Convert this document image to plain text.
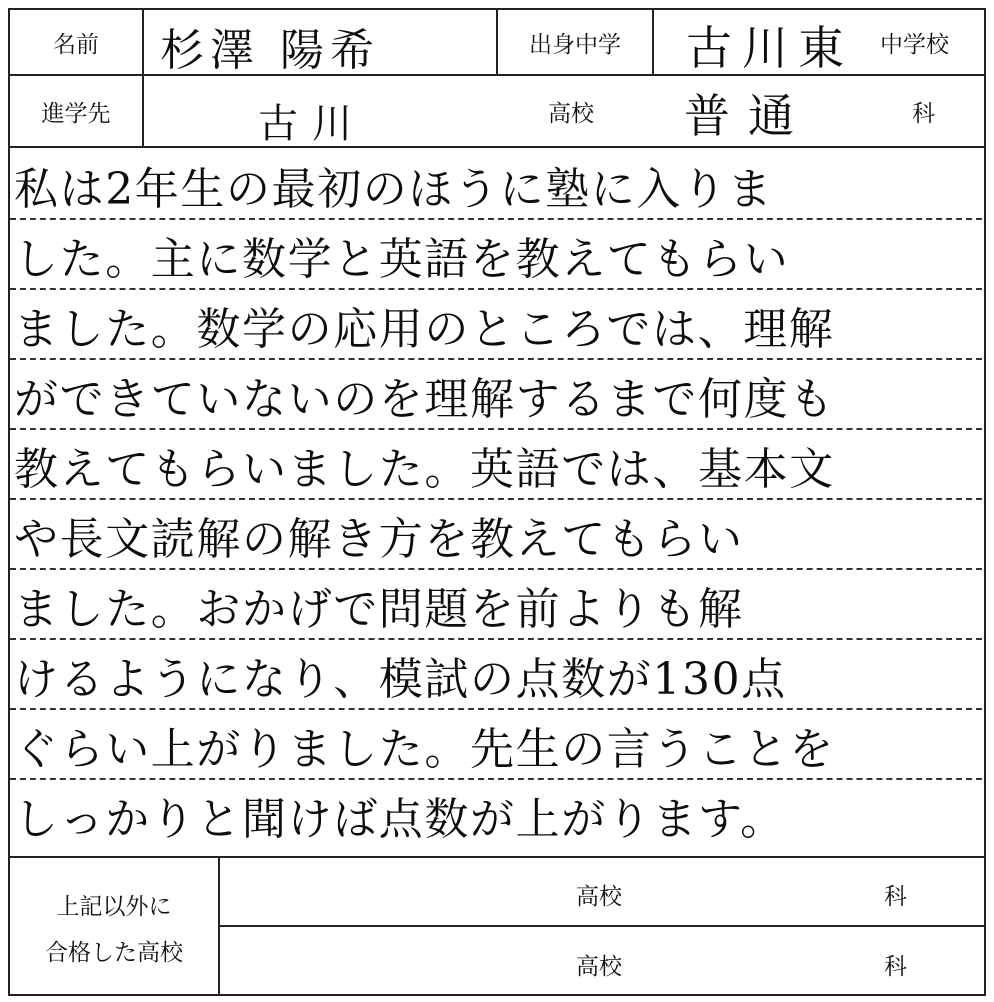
名前	杉澤 陽希	出身中学	古川東 中学校
進学先	古川	高校 普通	科
私は2年生の最初のほうに塾に入りま
した。主に数学と英語を教えてもらい
ました。数学の応用のところでは、理解
ができていないのを理解するまで何度も
教えてもらいました。英語では、基本文
や長文読解の解き方を教えてもらい
ました。おかげで問題を前よりも解
けるようになり、模試の点数が130点
ぐらい上がりました。先生の言うことを
しっかりと聞けば点数が上がります。
上記以外に
合格した高校
高校	科
高校	科
